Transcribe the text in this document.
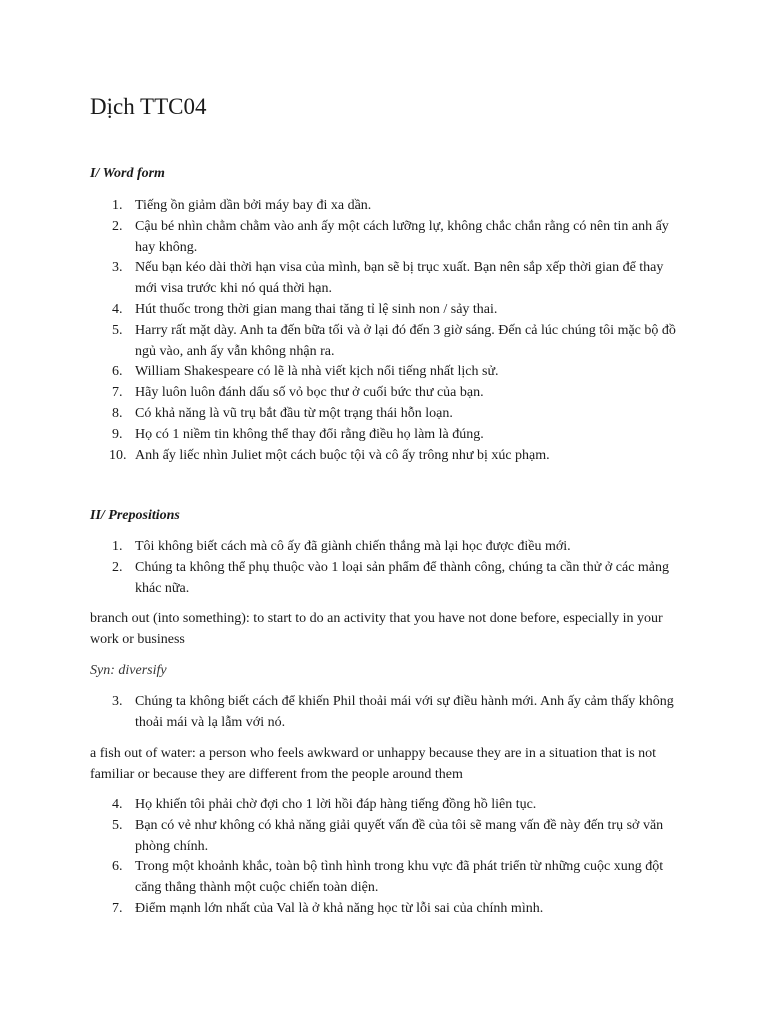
Dịch TTC04
I/ Word form
1. Tiếng ồn giảm dần bởi máy bay đi xa dần.
2. Cậu bé nhìn chằm chằm vào anh ấy một cách lưỡng lự, không chắc chắn rằng có nên tin anh ấy hay không.
3. Nếu bạn kéo dài thời hạn visa của mình, bạn sẽ bị trục xuất. Bạn nên sắp xếp thời gian để thay mới visa trước khi nó quá thời hạn.
4. Hút thuốc trong thời gian mang thai tăng tỉ lệ sinh non / sảy thai.
5. Harry rất mặt dày. Anh ta đến bữa tối và ở lại đó đến 3 giờ sáng. Đến cả lúc chúng tôi mặc bộ đồ ngủ vào, anh ấy vẫn không nhận ra.
6. William Shakespeare có lẽ là nhà viết kịch nổi tiếng nhất lịch sử.
7. Hãy luôn luôn đánh dấu số vỏ bọc thư ở cuối bức thư của bạn.
8. Có khả năng là vũ trụ bắt đầu từ một trạng thái hỗn loạn.
9. Họ có 1 niềm tin không thể thay đổi rằng điều họ làm là đúng.
10. Anh ấy liếc nhìn Juliet một cách buộc tội và cô ấy trông như bị xúc phạm.
II/ Prepositions
1. Tôi không biết cách mà cô ấy đã giành chiến thắng mà lại học được điều mới.
2. Chúng ta không thể phụ thuộc vào 1 loại sản phẩm để thành công, chúng ta cần thử ở các mảng khác nữa.

branch out (into something): to start to do an activity that you have not done before, especially in your work or business

Syn: diversify

3. Chúng ta không biết cách để khiến Phil thoải mái với sự điều hành mới. Anh ấy cảm thấy không thoải mái và lạ lẫm với nó.

a fish out of water: a person who feels awkward or unhappy because they are in a situation that is not familiar or because they are different from the people around them

4. Họ khiến tôi phải chờ đợi cho 1 lời hồi đáp hàng tiếng đồng hồ liên tục.
5. Bạn có vẻ như không có khả năng giải quyết vấn đề của tôi sẽ mang vấn đề này đến trụ sở văn phòng chính.
6. Trong một khoảnh khắc, toàn bộ tình hình trong khu vực đã phát triển từ những cuộc xung đột căng thẳng thành một cuộc chiến toàn diện.
7. Điểm mạnh lớn nhất của Val là ở khả năng học từ lỗi sai của chính mình.
